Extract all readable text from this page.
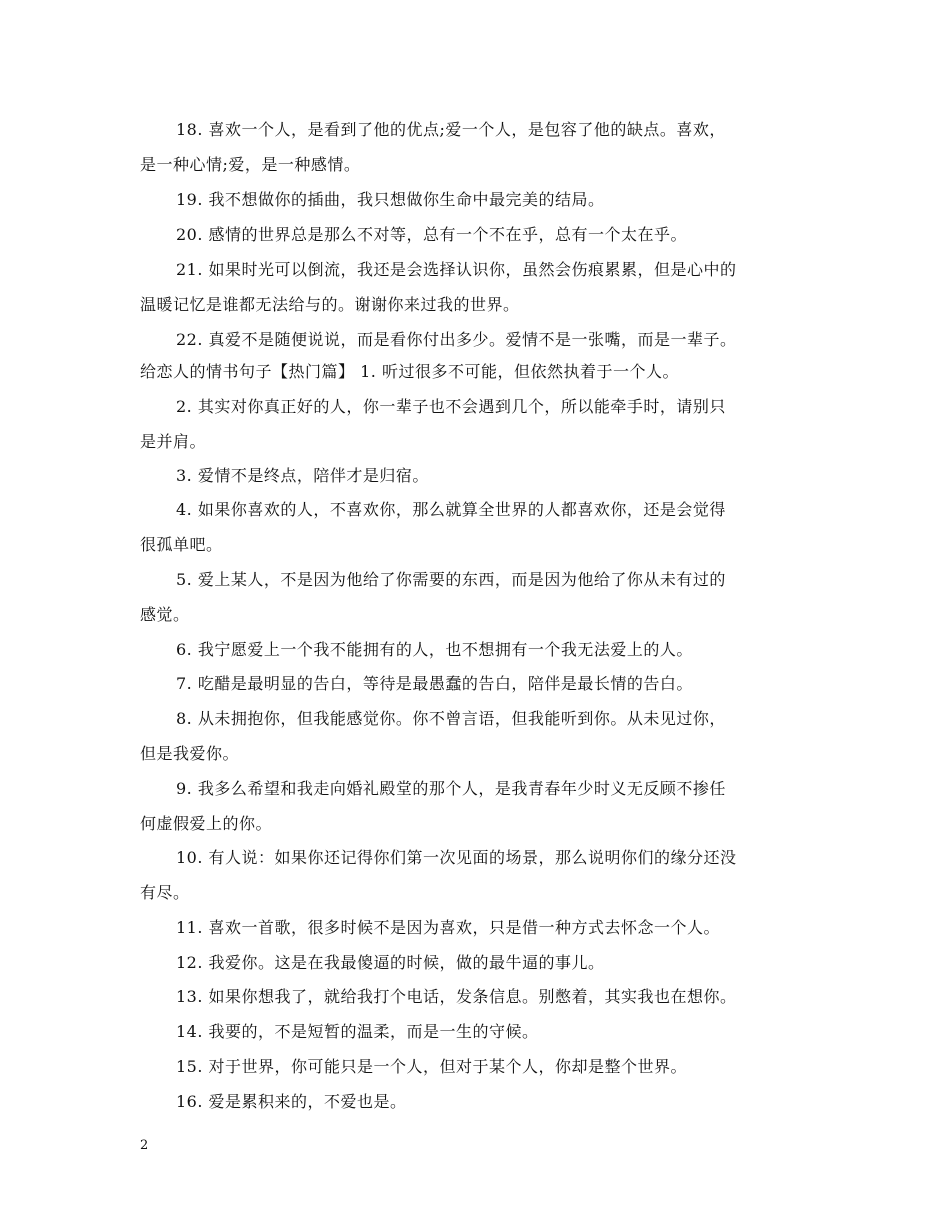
18. 喜欢一个人，是看到了他的优点;爱一个人，是包容了他的缺点。喜欢，
是一种心情;爱，是一种感情。
19. 我不想做你的插曲，我只想做你生命中最完美的结局。
20. 感情的世界总是那么不对等，总有一个不在乎，总有一个太在乎。
21. 如果时光可以倒流，我还是会选择认识你，虽然会伤痕累累，但是心中的
温暖记忆是谁都无法给与的。谢谢你来过我的世界。
22. 真爱不是随便说说，而是看你付出多少。爱情不是一张嘴，而是一辈子。
给恋人的情书句子【热门篇】 1. 听过很多不可能，但依然执着于一个人。
2. 其实对你真正好的人，你一辈子也不会遇到几个，所以能牵手时，请别只
是并肩。
3. 爱情不是终点，陪伴才是归宿。
4. 如果你喜欢的人，不喜欢你，那么就算全世界的人都喜欢你，还是会觉得
很孤单吧。
5. 爱上某人，不是因为他给了你需要的东西，而是因为他给了你从未有过的
感觉。
6. 我宁愿爱上一个我不能拥有的人，也不想拥有一个我无法爱上的人。
7. 吃醋是最明显的告白，等待是最愚蠢的告白，陪伴是最长情的告白。
8. 从未拥抱你，但我能感觉你。你不曾言语，但我能听到你。从未见过你，
但是我爱你。
9. 我多么希望和我走向婚礼殿堂的那个人，是我青春年少时义无反顾不掺任
何虚假爱上的你。
10. 有人说：如果你还记得你们第一次见面的场景，那么说明你们的缘分还没
有尽。
11. 喜欢一首歌，很多时候不是因为喜欢，只是借一种方式去怀念一个人。
12. 我爱你。这是在我最傻逼的时候，做的最牛逼的事儿。
13. 如果你想我了，就给我打个电话，发条信息。别憋着，其实我也在想你。
14. 我要的，不是短暂的温柔，而是一生的守候。
15. 对于世界，你可能只是一个人，但对于某个人，你却是整个世界。
16. 爱是累积来的，不爱也是。
2
